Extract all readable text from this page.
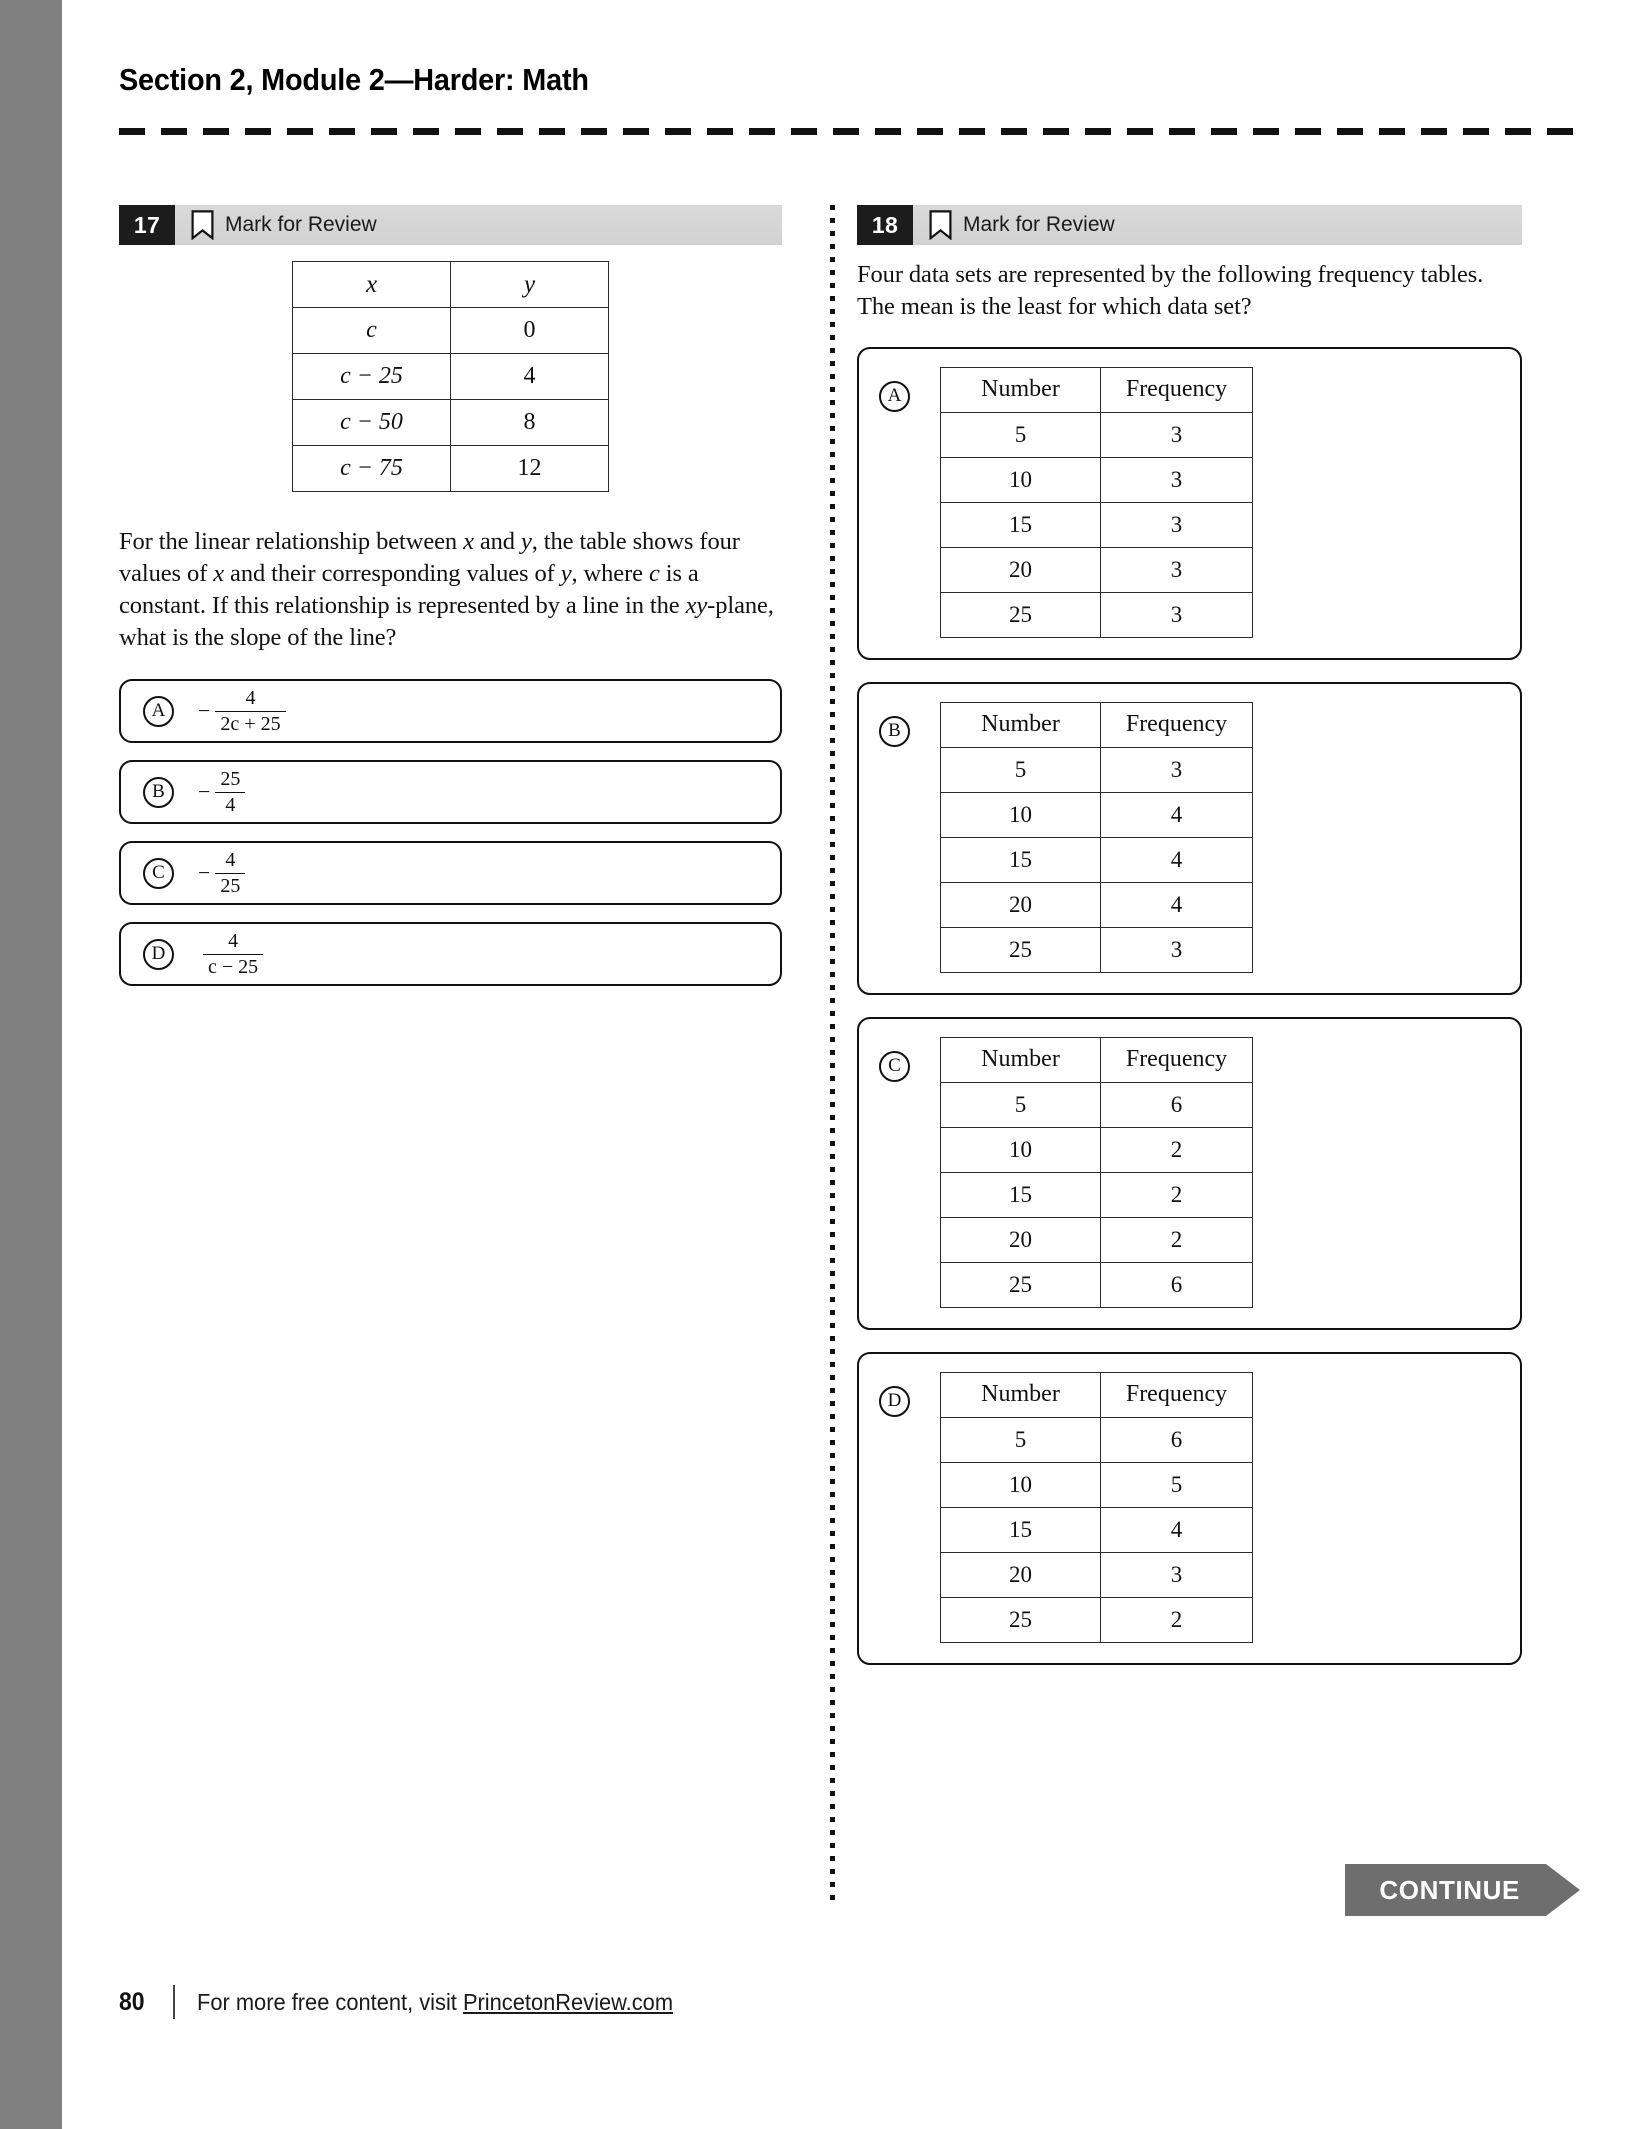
Section 2, Module 2—Harder: Math
17	Mark for Review
x	y
c	0
c − 25	4
c − 50	8
c − 75	12

For the linear relationship between x and y, the table shows four values of x and their corresponding values of y, where c is a constant. If this relationship is represented by a line in the xy-plane, what is the slope of the line?

A	− $\frac{4}{2c + 25}$
B	− $\frac{25}{4}$
C	− $\frac{4}{25}$
D	$\frac{4}{c - 25}$
18	Mark for Review

Four data sets are represented by the following frequency tables. The mean is the least for which data set?

A	Number	Frequency
5	3
10	3
15	3
20	3
25	3
B	Number	Frequency
5	3
10	4
15	4
20	4
25	3
C	Number	Frequency
5	6
10	2
15	2
20	2
25	6
D	Number	Frequency
5	6
10	5
15	4
20	3
25	2
CONTINUE
80 For more free content, visit PrincetonReview.com
